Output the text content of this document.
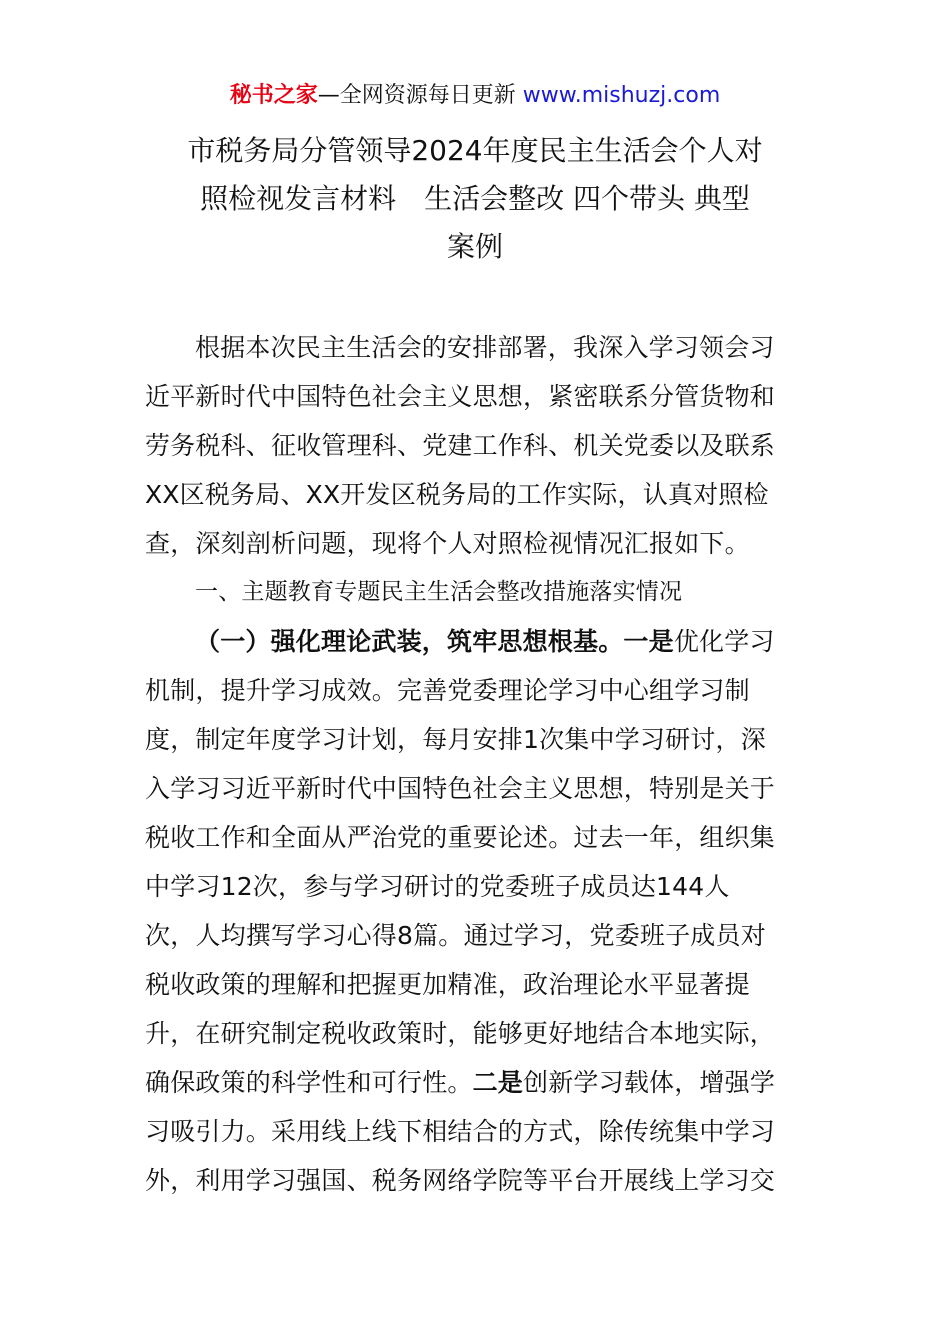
秘书之家—全网资源每日更新 www.mishuzj.com
市税务局分管领导2024年度民主生活会个人对
照检视发言材料　生活会整改 四个带头 典型
案例
根据本次民主生活会的安排部署，我深入学习领会习
近平新时代中国特色社会主义思想，紧密联系分管货物和
劳务税科、征收管理科、党建工作科、机关党委以及联系
XX区税务局、XX开发区税务局的工作实际，认真对照检
查，深刻剖析问题，现将个人对照检视情况汇报如下。
一、主题教育专题民主生活会整改措施落实情况
（一）强化理论武装，筑牢思想根基。一是优化学习
机制，提升学习成效。完善党委理论学习中心组学习制
度，制定年度学习计划，每月安排1次集中学习研讨，深
入学习习近平新时代中国特色社会主义思想，特别是关于
税收工作和全面从严治党的重要论述。过去一年，组织集
中学习12次，参与学习研讨的党委班子成员达144人
次，人均撰写学习心得8篇。通过学习，党委班子成员对
税收政策的理解和把握更加精准，政治理论水平显著提
升，在研究制定税收政策时，能够更好地结合本地实际，
确保政策的科学性和可行性。二是创新学习载体，增强学
习吸引力。采用线上线下相结合的方式，除传统集中学习
外，利用学习强国、税务网络学院等平台开展线上学习交
